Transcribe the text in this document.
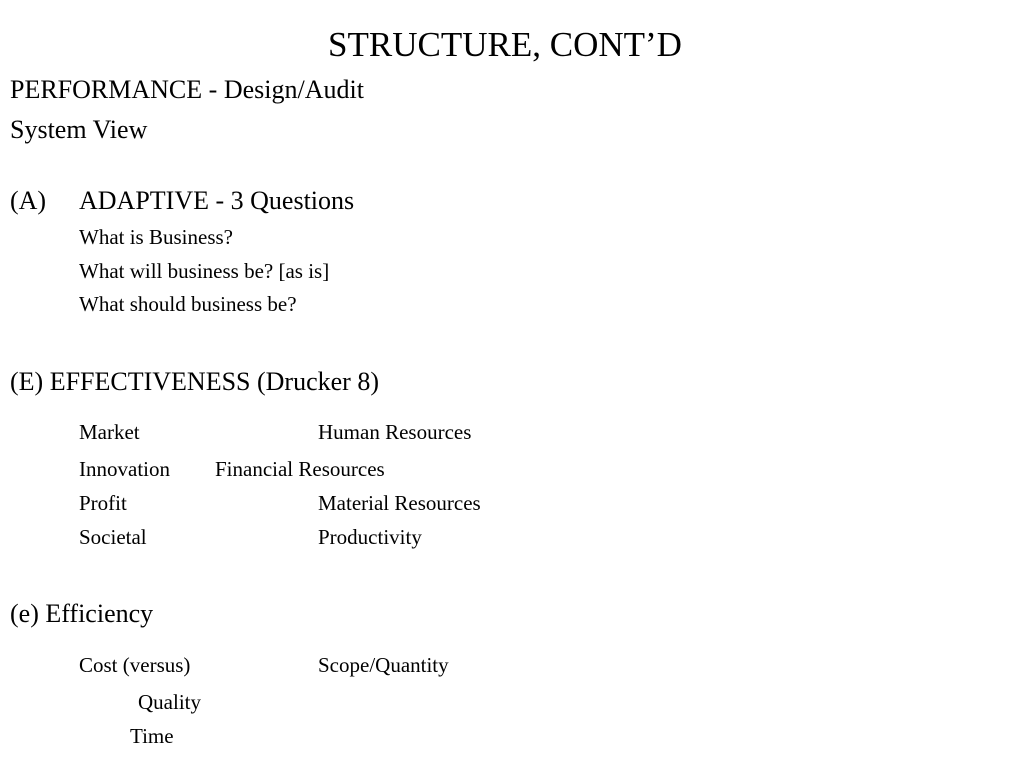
STRUCTURE, CONT’D
PERFORMANCE - Design/Audit
System View
(A) ADAPTIVE - 3 Questions
What is Business?
What will business be? [as is]
What should business be?
(E) EFFECTIVENESS (Drucker 8)
Market	Human Resources
Innovation Financial Resources
Profit	Material Resources
Societal	Productivity
(e) Efficiency
Cost (versus)	Scope/Quantity
Quality
Time
